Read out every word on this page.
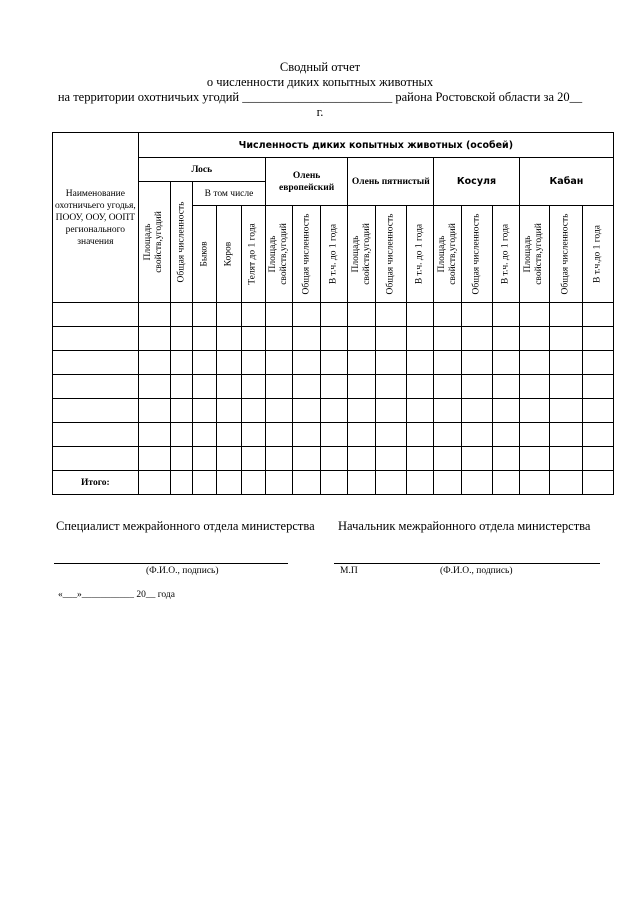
Сводный отчет
о численности диких копытных животных
на территории охотничьих угодий ________________________ района Ростовской области за 20__
г.
Наименование охотничьего угодья, ПООУ, ООУ, ООПТ регионального значения	Численность диких копытных животных (особей)																
	Лось					Олень европейский			Олень пятнистый			Косуля			Кабан		

	Площадь свойств,угодий	Общая численность	В том числе														

			Быков	Коров	Телят до 1 года	Площадь свойств,угодий	Общая численность	В т.ч. до 1 года	Площадь свойств,угодий	Общая численность	В т.ч. до 1 года	Площадь свойств,угодий	Общая численность	В т.ч. до 1 года	Площадь свойств,угодий	Общая численность	В т.ч.до 1 года

Итого:																	
Специалист межрайонного отдела министерства Начальник межрайонного отдела министерства
(Ф.И.О., подпись)	М.П	(Ф.И.О., подпись)
«___»___________ 20__ года
